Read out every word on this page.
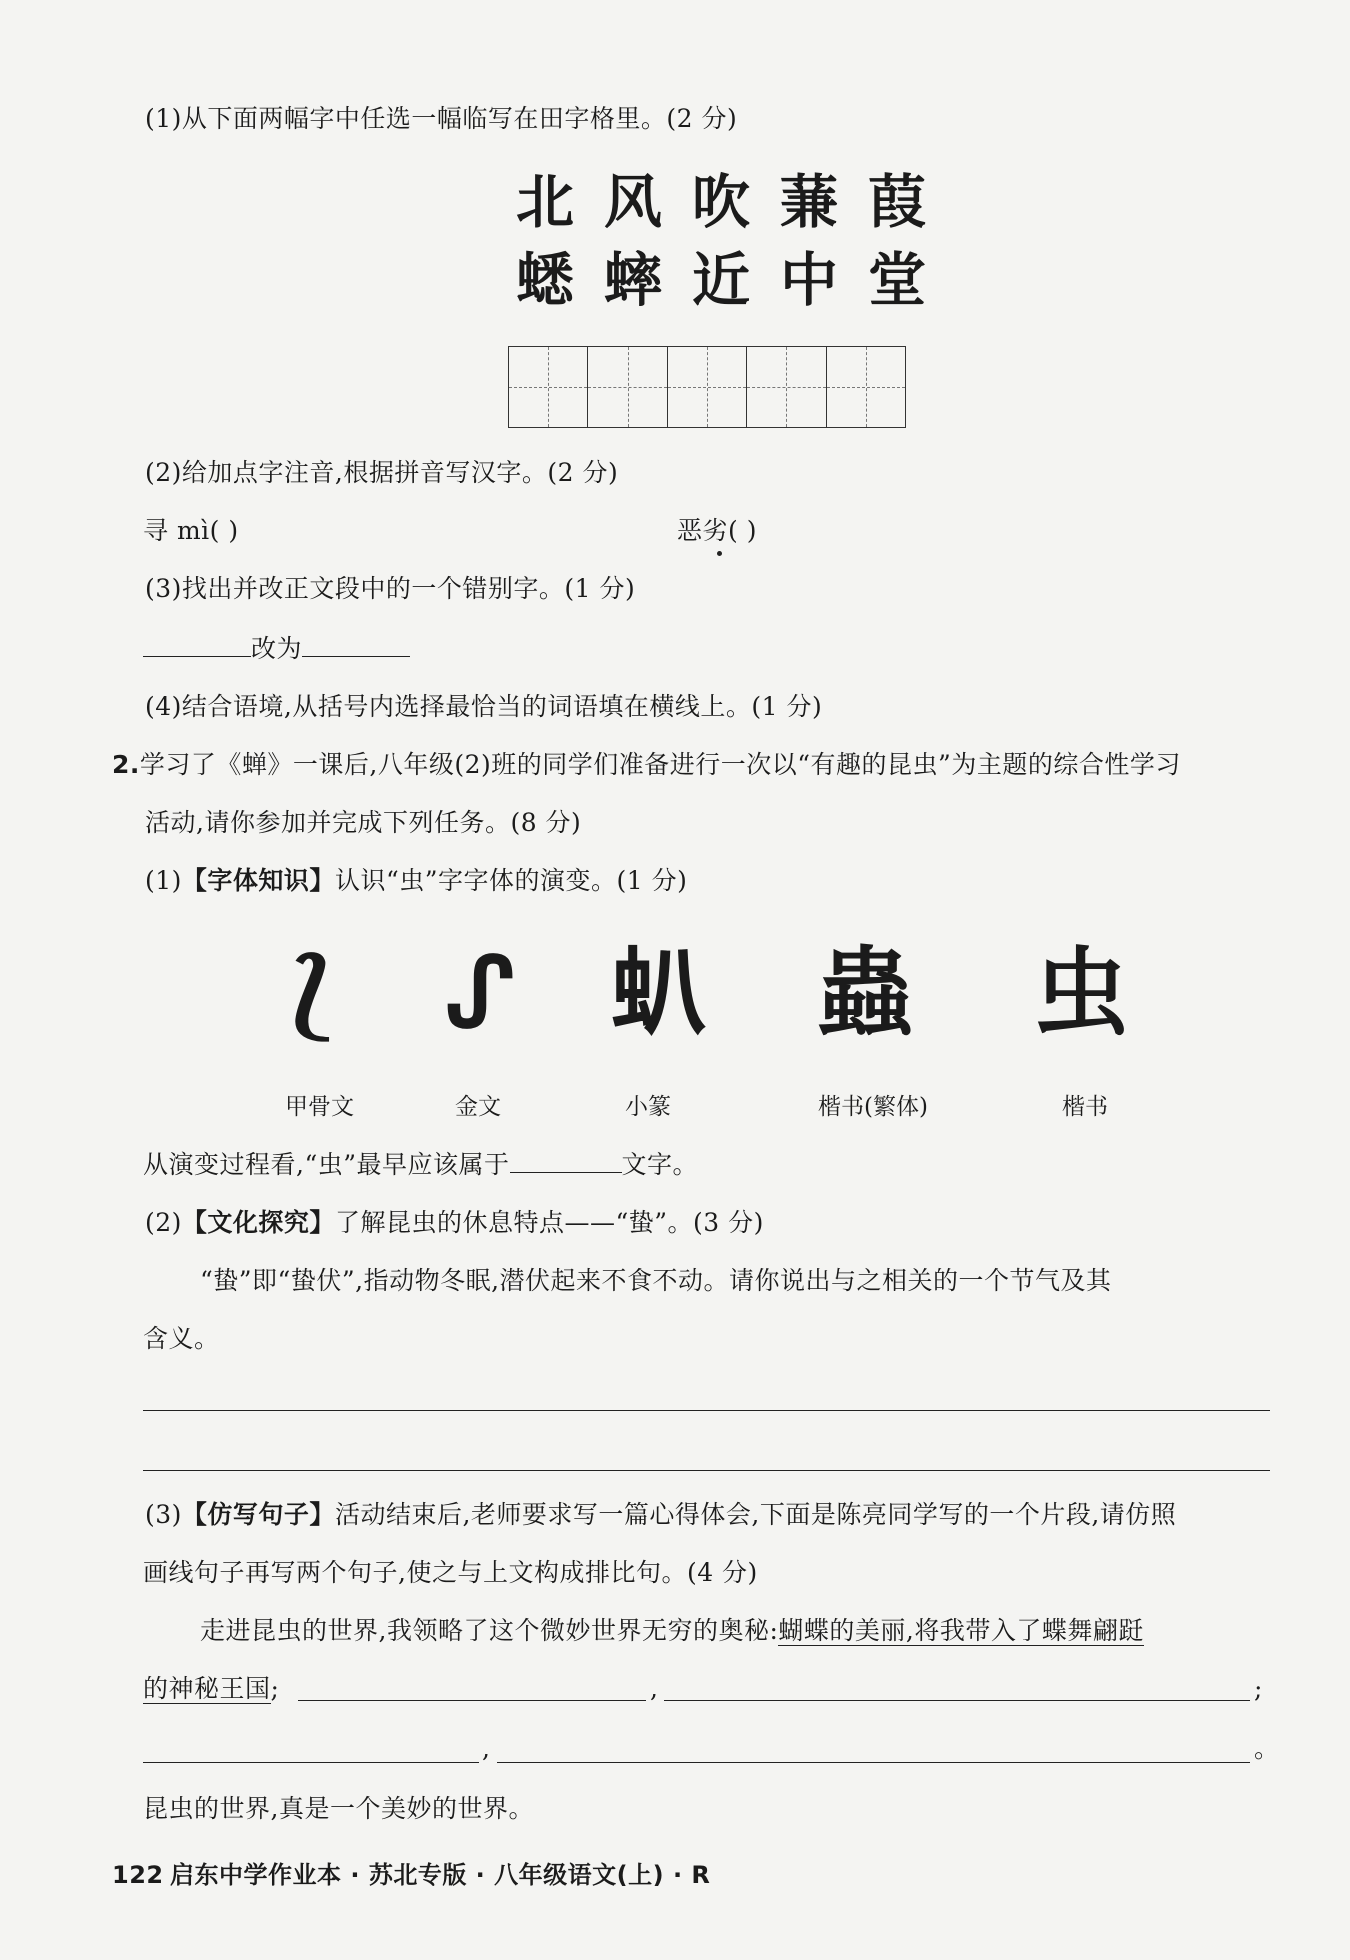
(1)从下面两幅字中任选一幅临写在田字格里。(2 分)
北风吹蒹葭
蟋蟀近中堂
(2)给加点字注音,根据拼音写汉字。(2 分)
寻 mì( )	恶劣( )
(3)找出并改正文段中的一个错别字。(1 分)
改为
(4)结合语境,从括号内选择最恰当的词语填在横线上。(1 分)
2.学习了《蝉》一课后,八年级(2)班的同学们准备进行一次以“有趣的昆虫”为主题的综合性学习
活动,请你参加并完成下列任务。(8 分)
(1)【字体知识】认识“虫”字字体的演变。(1 分)
⟅ ᔑ 𧈢 蟲 虫
甲骨文	金文	小篆	楷书(繁体)	楷书
从演变过程看,“虫”最早应该属于	文字。
(2)【文化探究】了解昆虫的休息特点——“蛰”。(3 分)
“蛰”即“蛰伏”,指动物冬眠,潜伏起来不食不动。请你说出与之相关的一个节气及其
含义。
(3)【仿写句子】活动结束后,老师要求写一篇心得体会,下面是陈亮同学写的一个片段,请仿照
画线句子再写两个句子,使之与上文构成排比句。(4 分)
走进昆虫的世界,我领略了这个微妙世界无穷的奥秘:蝴蝶的美丽,将我带入了蝶舞翩跹
的神秘王国;	,	;
,	。
昆虫的世界,真是一个美妙的世界。
122 启东中学作业本 · 苏北专版 · 八年级语文(上) · R
